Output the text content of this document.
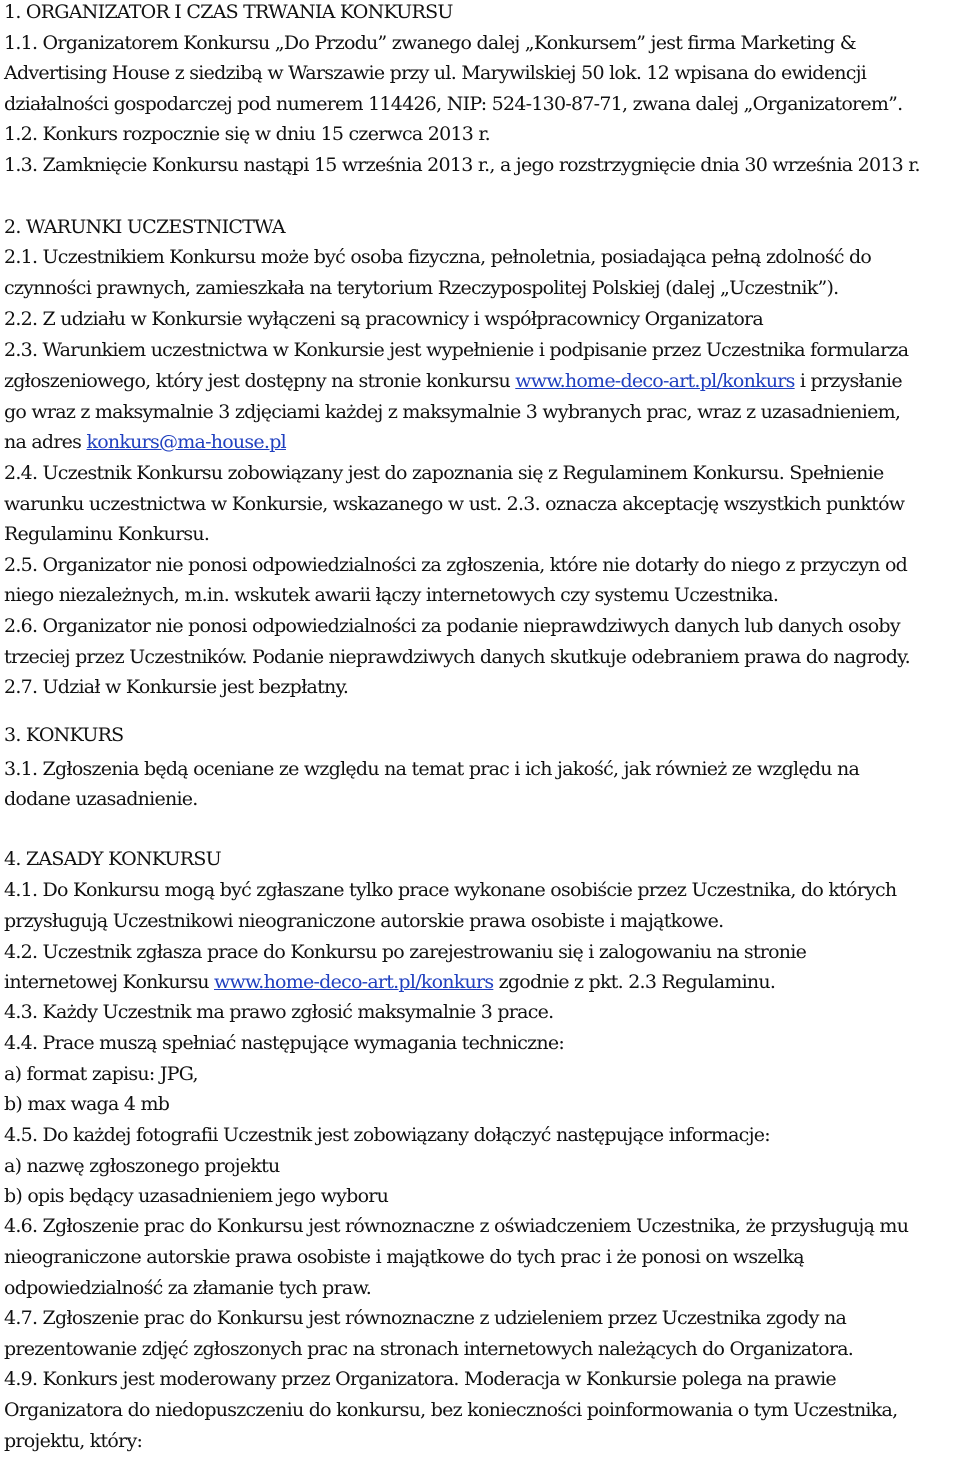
1. ORGANIZATOR I CZAS TRWANIA KONKURSU
1.1. Organizatorem Konkursu „Do Przodu” zwanego dalej „Konkursem” jest firma Marketing &
Advertising House z siedzibą w Warszawie przy ul. Marywilskiej 50 lok. 12 wpisana do ewidencji
działalności gospodarczej pod numerem 114426, NIP: 524-130-87-71, zwana dalej „Organizatorem”.
1.2. Konkurs rozpocznie się w dniu 15 czerwca 2013 r.
1.3. Zamknięcie Konkursu nastąpi 15 września 2013 r., a jego rozstrzygnięcie dnia 30 września 2013 r.
2. WARUNKI UCZESTNICTWA
2.1. Uczestnikiem Konkursu może być osoba fizyczna, pełnoletnia, posiadająca pełną zdolność do
czynności prawnych, zamieszkała na terytorium Rzeczypospolitej Polskiej (dalej „Uczestnik”).
2.2. Z udziału w Konkursie wyłączeni są pracownicy i współpracownicy Organizatora
2.3. Warunkiem uczestnictwa w Konkursie jest wypełnienie i podpisanie przez Uczestnika formularza
zgłoszeniowego, który jest dostępny na stronie konkursu www.home-deco-art.pl/konkurs i przysłanie
go wraz z maksymalnie 3 zdjęciami każdej z maksymalnie 3 wybranych prac, wraz z uzasadnieniem,
na adres konkurs@ma-house.pl
2.4. Uczestnik Konkursu zobowiązany jest do zapoznania się z Regulaminem Konkursu. Spełnienie
warunku uczestnictwa w Konkursie, wskazanego w ust. 2.3. oznacza akceptację wszystkich punktów
Regulaminu Konkursu.
2.5. Organizator nie ponosi odpowiedzialności za zgłoszenia, które nie dotarły do niego z przyczyn od
niego niezależnych, m.in. wskutek awarii łączy internetowych czy systemu Uczestnika.
2.6. Organizator nie ponosi odpowiedzialności za podanie nieprawdziwych danych lub danych osoby
trzeciej przez Uczestników. Podanie nieprawdziwych danych skutkuje odebraniem prawa do nagrody.
2.7. Udział w Konkursie jest bezpłatny.
3. KONKURS
3.1. Zgłoszenia będą oceniane ze względu na temat prac i ich jakość, jak również ze względu na
dodane uzasadnienie.
4. ZASADY KONKURSU
4.1. Do Konkursu mogą być zgłaszane tylko prace wykonane osobiście przez Uczestnika, do których
przysługują Uczestnikowi nieograniczone autorskie prawa osobiste i majątkowe.
4.2. Uczestnik zgłasza prace do Konkursu po zarejestrowaniu się i zalogowaniu na stronie
internetowej Konkursu www.home-deco-art.pl/konkurs zgodnie z pkt. 2.3 Regulaminu.
4.3. Każdy Uczestnik ma prawo zgłosić maksymalnie 3 prace.
4.4. Prace muszą spełniać następujące wymagania techniczne:
a) format zapisu: JPG,
b) max waga 4 mb
4.5. Do każdej fotografii Uczestnik jest zobowiązany dołączyć następujące informacje:
a) nazwę zgłoszonego projektu
b) opis będący uzasadnieniem jego wyboru
4.6. Zgłoszenie prac do Konkursu jest równoznaczne z oświadczeniem Uczestnika, że przysługują mu
nieograniczone autorskie prawa osobiste i majątkowe do tych prac i że ponosi on wszelką
odpowiedzialność za złamanie tych praw.
4.7. Zgłoszenie prac do Konkursu jest równoznaczne z udzieleniem przez Uczestnika zgody na
prezentowanie zdjęć zgłoszonych prac na stronach internetowych należących do Organizatora.
4.9. Konkurs jest moderowany przez Organizatora. Moderacja w Konkursie polega na prawie
Organizatora do niedopuszczeniu do konkursu, bez konieczności poinformowania o tym Uczestnika,
projektu, który:
